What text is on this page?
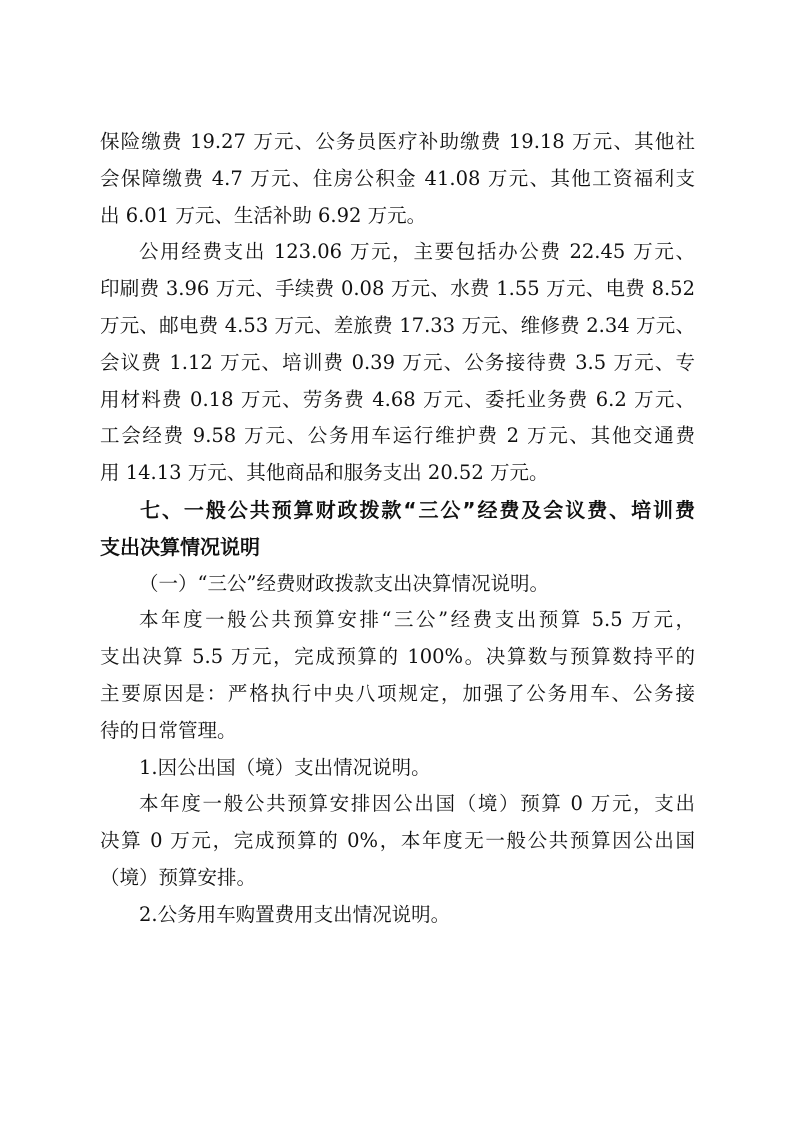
保险缴费 19.27 万元、公务员医疗补助缴费 19.18 万元、其他社
会保障缴费 4.7 万元、住房公积金 41.08 万元、其他工资福利支
出 6.01 万元、生活补助 6.92 万元。
公用经费支出 123.06 万元，主要包括办公费 22.45 万元、
印刷费 3.96 万元、手续费 0.08 万元、水费 1.55 万元、电费 8.52
万元、邮电费 4.53 万元、差旅费 17.33 万元、维修费 2.34 万元、
会议费 1.12 万元、培训费 0.39 万元、公务接待费 3.5 万元、专
用材料费 0.18 万元、劳务费 4.68 万元、委托业务费 6.2 万元、
工会经费 9.58 万元、公务用车运行维护费 2 万元、其他交通费
用 14.13 万元、其他商品和服务支出 20.52 万元。
七、一般公共预算财政拨款“三公”经费及会议费、培训费
支出决算情况说明
（一）“三公”经费财政拨款支出决算情况说明。
本年度一般公共预算安排“三公”经费支出预算 5.5 万元，
支出决算 5.5 万元，完成预算的 100%。决算数与预算数持平的
主要原因是：严格执行中央八项规定，加强了公务用车、公务接
待的日常管理。
1.因公出国（境）支出情况说明。
本年度一般公共预算安排因公出国（境）预算 0 万元，支出
决算 0 万元，完成预算的 0%，本年度无一般公共预算因公出国
（境）预算安排。
2.公务用车购置费用支出情况说明。
